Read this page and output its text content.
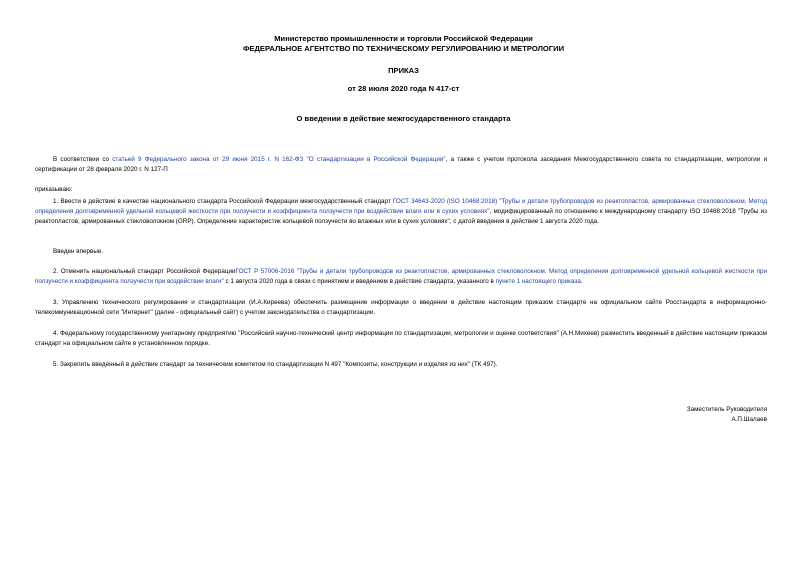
Министерство промышленности и торговли Российской Федерации
ФЕДЕРАЛЬНОЕ АГЕНТСТВО ПО ТЕХНИЧЕСКОМУ РЕГУЛИРОВАНИЮ И МЕТРОЛОГИИ
ПРИКАЗ
от 28 июля 2020 года N 417-ст
О введении в действие межгосударственного стандарта

В соответствии со статьей 9 Федерального закона от 29 июня 2015 г. N 162-ФЗ "О стандартизации в Российской Федерации", а также с учетом протокола заседания Межгосударственного совета по стандартизации, метрологии и сертификации от 28 февраля 2020 г. N 127-П

приказываю:

1. Ввести в действие в качестве национального стандарта Российской Федерации межгосударственный стандарт ГОСТ 34643-2020 (ISO 10468:2018) "Трубы и детали трубопроводов из реактопластов, армированных стекловолокном. Метод определения долговременной удельной кольцевой жесткости при ползучести и коэффициента ползучести при воздействии влаги или в сухих условиях", модифицированный по отношению к международному стандарту ISO 10468:2018 "Трубы из реактопластов, армированных стекловолокном (GRP). Определение характеристик кольцевой ползучести во влажных или в сухих условиях", с датой введения в действие 1 августа 2020 года.

Введен впервые.

2. Отменить национальный стандарт Российской ФедерацииГОСТ Р 57006-2016 "Трубы и детали трубопроводов из реактопластов, армированных стекловолокном. Метод определения долговременной удельной кольцевой жесткости при ползучести и коэффициента ползучести при воздействии влаги" с 1 августа 2020 года в связи с принятием и введением в действие стандарта, указанного в пункте 1 настоящего приказа.

3. Управлению технического регулирования и стандартизации (И.А.Киреева) обеспечить размещение информации о введении в действие настоящим приказом стандарте на официальном сайте Росстандарта в информационно-телекоммуникационной сети "Интернет" (далее - официальный сайт) с учетом законодательства о стандартизации.

4. Федеральному государственному унитарному предприятию "Российский научно-технический центр информации по стандартизации, метрологии и оценке соответствия" (А.Н.Михеев) разместить введенный в действие настоящим приказом стандарт на официальном сайте в установленном порядке.

5. Закрепить введенный в действие стандарт за техническим комитетом по стандартизации N 497 "Композиты, конструкции и изделия из них" (ТК 497).

Заместитель Руководителя
А.П.Шалаев
